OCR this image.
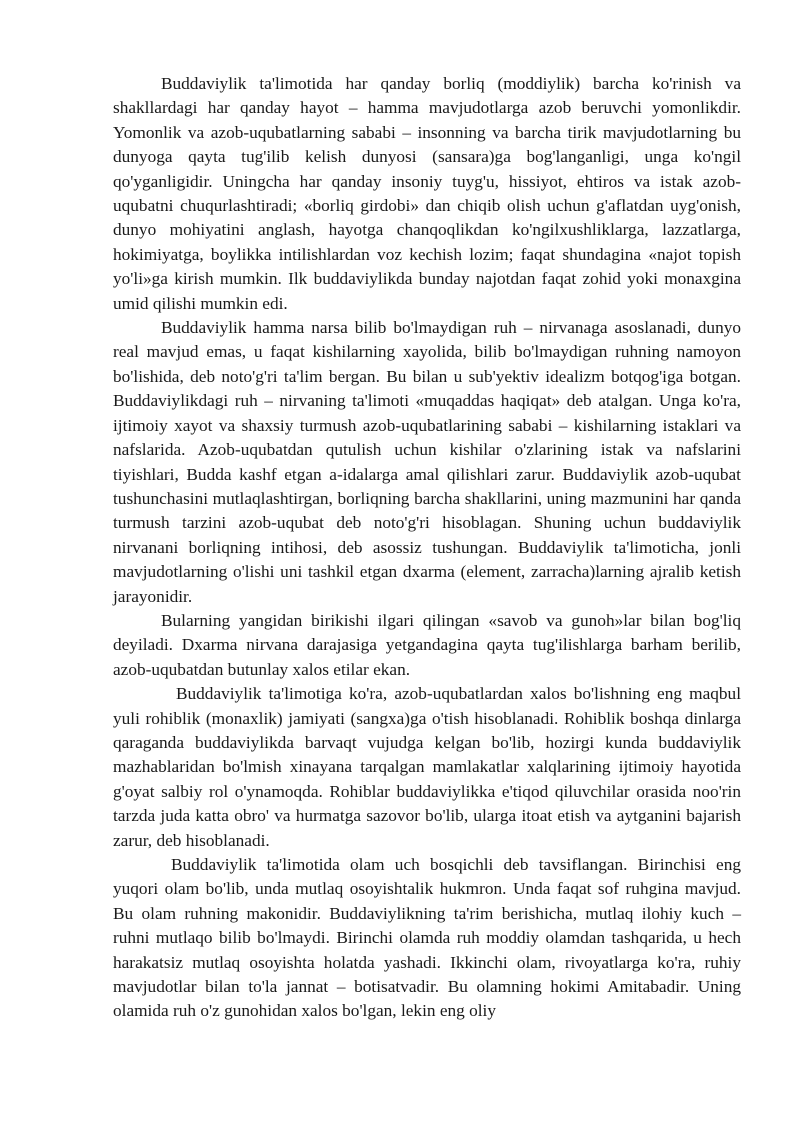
Buddaviylik ta'limotida har qanday borliq (moddiylik) barcha ko'rinish va shakllardagi har qanday hayot – hamma mavjudotlarga azob beruvchi yomonlikdir. Yomonlik va azob-uqubatlarning sababi – insonning va barcha tirik mavjudotlarning bu dunyoga qayta tug'ilib kelish dunyosi (sansara)ga bog'langanligi, unga ko'ngil qo'yganligidir. Uningcha har qanday insoniy tuyg'u, hissiyot, ehtiros va istak azob-uqubatni chuqurlashtiradi; «borliq girdobi» dan chiqib olish uchun g'aflatdan uyg'onish, dunyo mohiyatini anglash, hayotga chanqoqlikdan ko'ngilxushliklarga, lazzatlarga, hokimiyatga, boylikka intilishlardan voz kechish lozim; faqat shundagina «najot topish yo'li»ga kirish mumkin. Ilk buddaviylikda bunday najotdan faqat zohid yoki monaxgina umid qilishi mumkin edi.

Buddaviylik hamma narsa bilib bo'lmaydigan ruh – nirvanaga asoslanadi, dunyo real mavjud emas, u faqat kishilarning xayolida, bilib bo'lmaydigan ruhning namoyon bo'lishida, deb noto'g'ri ta'lim bergan. Bu bilan u sub'yektiv idealizm botqog'iga botgan. Buddaviylikdagi ruh – nirvaning ta'limoti «muqaddas haqiqat» deb atalgan. Unga ko'ra, ijtimoiy xayot va shaxsiy turmush azob-uqubatlarining sababi – kishilarning istaklari va nafslarida. Azob-uqubatdan qutulish uchun kishilar o'zlarining istak va nafslarini tiyishlari, Budda kashf etgan a-idalarga amal qilishlari zarur. Buddaviylik azob-uqubat tushunchasini mutlaqlashtirgan, borliqning barcha shakllarini, uning mazmunini har qanda turmush tarzini azob-uqubat deb noto'g'ri hisoblagan. Shuning uchun buddaviylik nirvanani borliqning intihosi, deb asossiz tushungan. Buddaviylik ta'limoticha, jonli mavjudotlarning o'lishi uni tashkil etgan dxarma (element, zarracha)larning ajralib ketish jarayonidir.

Bularning yangidan birikishi ilgari qilingan «savob va gunoh»lar bilan bog'liq deyiladi. Dxarma nirvana darajasiga yetgandagina qayta tug'ilishlarga barham berilib, azob-uqubatdan butunlay xalos etilar ekan.

Buddaviylik ta'limotiga ko'ra, azob-uqubatlardan xalos bo'lishning eng maqbul yuli rohiblik (monaxlik) jamiyati (sangxa)ga o'tish hisoblanadi. Rohiblik boshqa dinlarga qaraganda buddaviylikda barvaqt vujudga kelgan bo'lib, hozirgi kunda buddaviylik mazhablaridan bo'lmish xinayana tarqalgan mamlakatlar xalqlarining ijtimoiy hayotida g'oyat salbiy rol o'ynamoqda. Rohiblar buddaviylikka e'tiqod qiluvchilar orasida noo'rin tarzda juda katta obro' va hurmatga sazovor bo'lib, ularga itoat etish va aytganini bajarish zarur, deb hisoblanadi.

Buddaviylik ta'limotida olam uch bosqichli deb tavsiflangan. Birinchisi eng yuqori olam bo'lib, unda mutlaq osoyishtalik hukmron. Unda faqat sof ruhgina mavjud. Bu olam ruhning makonidir. Buddaviylikning ta'rim berishicha, mutlaq ilohiy kuch – ruhni mutlaqo bilib bo'lmaydi. Birinchi olamda ruh moddiy olamdan tashqarida, u hech harakatsiz mutlaq osoyishta holatda yashadi. Ikkinchi olam, rivoyatlarga ko'ra, ruhiy mavjudotlar bilan to'la jannat – botisatvadir. Bu olamning hokimi Amitabadir. Uning olamida ruh o'z gunohidan xalos bo'lgan, lekin eng oliy
